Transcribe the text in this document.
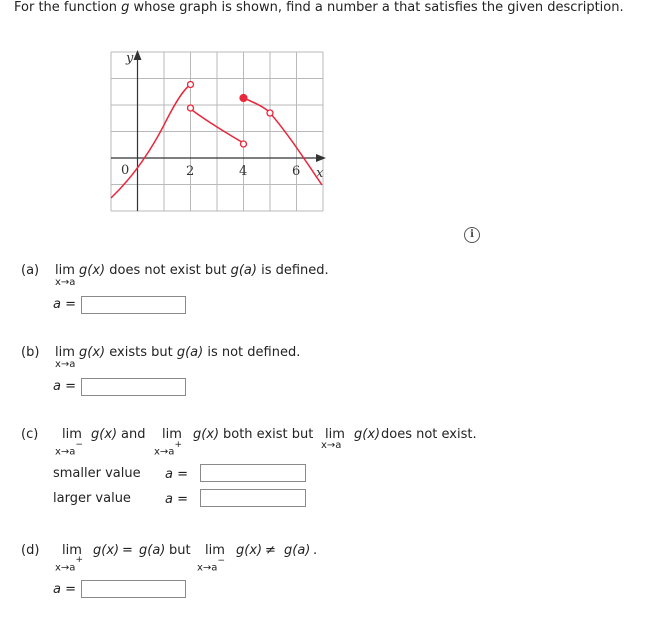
For the function g whose graph is shown, find a number a that satisfies the given description.
y
x
0	2	4	6
i
(a) lim g(x) does not exist but g(a) is defined.
x→a
a =
(b) lim g(x) exists but g(a) is not defined.
x→a
a =
(c) lim g(x) and lim g(x) both exist but lim g(x) does not exist.
x→a−
x→a+	x→a
smaller value a =
larger value	a =
(d) lim g(x) = g(a) but lim g(x) ≠ g(a) .
x→a+
x→a−
a =
